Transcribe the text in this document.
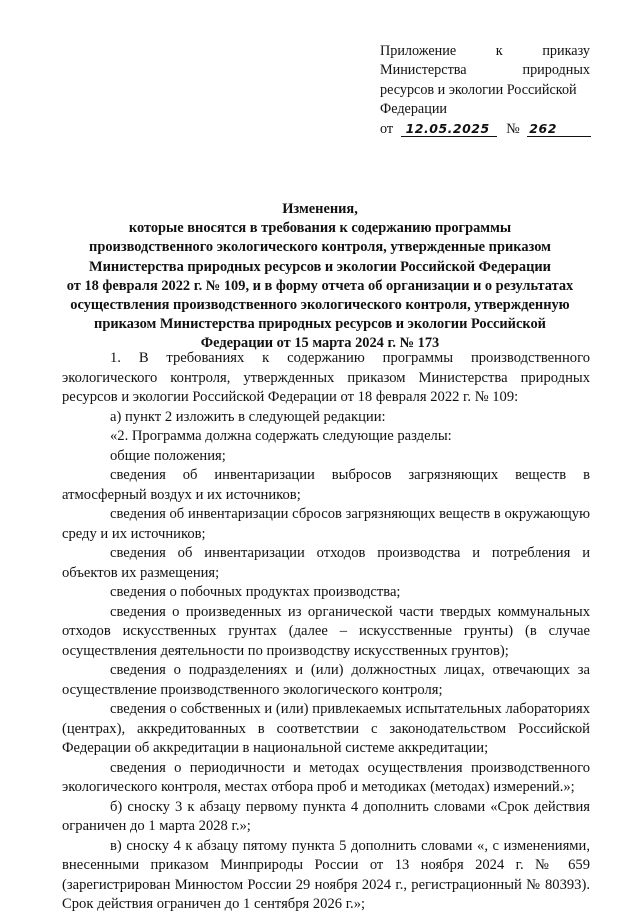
Приложение	к	приказу
Министерства	природных
ресурсов и экологии Российской
Федерации
от 12.05.2025 № 262
Изменения,
которые вносятся в требования к содержанию программы
производственного экологического контроля, утвержденные приказом
Министерства природных ресурсов и экологии Российской Федерации
от 18 февраля 2022 г. № 109, и в форму отчета об организации и о результатах
осуществления производственного экологического контроля, утвержденную
приказом Министерства природных ресурсов и экологии Российской
Федерации от 15 марта 2024 г. № 173

1. В требованиях к содержанию программы производственного экологического контроля, утвержденных приказом Министерства природных ресурсов и экологии Российской Федерации от 18 февраля 2022 г. № 109:

а) пункт 2 изложить в следующей редакции:

«2. Программа должна содержать следующие разделы:

общие положения;

сведения об инвентаризации выбросов загрязняющих веществ в атмосферный воздух и их источников;

сведения об инвентаризации сбросов загрязняющих веществ в окружающую среду и их источников;

сведения об инвентаризации отходов производства и потребления и объектов их размещения;

сведения о побочных продуктах производства;

сведения о произведенных из органической части твердых коммунальных отходов искусственных грунтах (далее – искусственные грунты) (в случае осуществления деятельности по производству искусственных грунтов);

сведения о подразделениях и (или) должностных лицах, отвечающих за осуществление производственного экологического контроля;

сведения о собственных и (или) привлекаемых испытательных лабораториях (центрах), аккредитованных в соответствии с законодательством Российской Федерации об аккредитации в национальной системе аккредитации;

сведения о периодичности и методах осуществления производственного экологического контроля, местах отбора проб и методиках (методах) измерений.»;

б) сноску 3 к абзацу первому пункта 4 дополнить словами «Срок действия ограничен до 1 марта 2028 г.»;

в) сноску 4 к абзацу пятому пункта 5 дополнить словами «, с изменениями, внесенными приказом Минприроды России от 13 ноября 2024 г. № 659 (зарегистрирован Минюстом России 29 ноября 2024 г., регистрационный № 80393). Срок действия ограничен до 1 сентября 2026 г.»;
